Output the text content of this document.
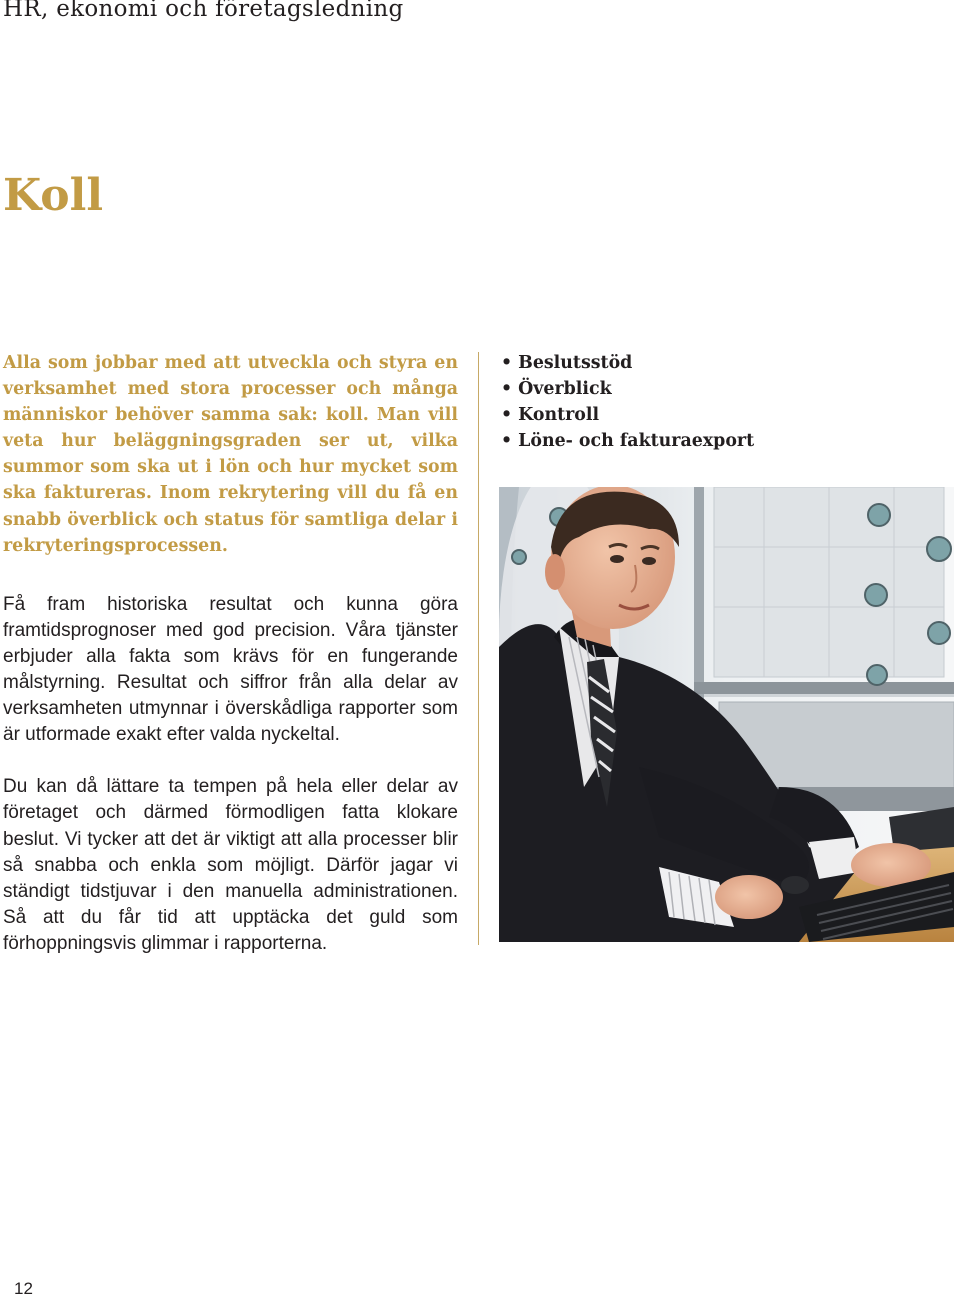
HR, ekonomi och företagsledning
Koll

Alla som jobbar med att utveckla och styra en verksamhet med stora processer och många människor behöver samma sak: koll. Man vill veta hur beläggningsgraden ser ut, vilka summor som ska ut i lön och hur mycket som ska faktureras. Inom rekrytering vill du få en snabb överblick och status för samtliga delar i rekryteringsprocessen.

Få fram historiska resultat och kunna göra framtidsprognoser med god precision. Våra tjänster erbjuder alla fakta som krävs för en fungerande målstyrning. Resultat och siffror från alla delar av verksamheten utmynnar i överskådliga rapporter som är utformade exakt efter valda nyckeltal.

Du kan då lättare ta tempen på hela eller delar av företaget och därmed förmodligen fatta klokare beslut. Vi tycker att det är viktigt att alla processer blir så snabba och enkla som möjligt. Därför jagar vi ständigt tidstjuvar i den manuella administrationen. Så att du får tid att upptäcka det guld som förhoppningsvis glimmar i rapporterna.

• Beslutsstöd
• Överblick
• Kontroll
• Löne- och fakturaexport
12
